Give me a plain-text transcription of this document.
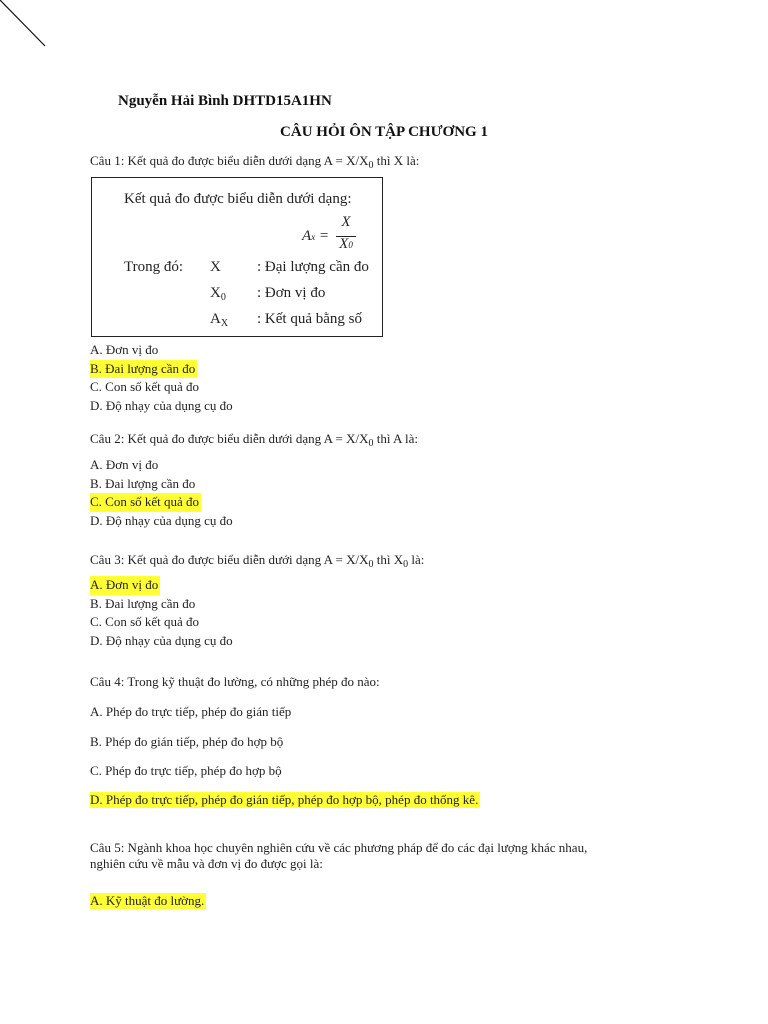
Nguyễn Hải Bình DHTD15A1HN
CÂU HỎI ÔN TẬP CHƯƠNG 1
Câu 1: Kết quả đo được biểu diễn dưới dạng $A = X/X_0$ thì X là:
Kết quả đo được biểu diễn dưới dạng:
Ax =
X
X0
Trong đó: X : Đại lượng cần đo
$X_0$ : Đơn vị đo
$A_X$ : Kết quả bằng số
A. Đơn vị đo
B. Đai lượng cần đo
C. Con số kết quả đo
D. Độ nhạy của dụng cụ đo
Câu 2: Kết quả đo được biểu diễn dưới dạng $A = X/X_0$ thì A là:
A. Đơn vị đo
B. Đai lượng cần đo
C. Con số kết quả đo
D. Độ nhạy của dụng cụ đo
Câu 3: Kết quả đo được biểu diễn dưới dạng $A = X/X_0$ thì $X_0$ là:
A. Đơn vị đo
B. Đai lượng cần đo
C. Con số kết quả đo
D. Độ nhạy của dụng cụ đo
Câu 4: Trong kỹ thuật đo lường, có những phép đo nào:
A. Phép đo trực tiếp, phép đo gián tiếp
B. Phép đo gián tiếp, phép đo hợp bộ
C. Phép đo trực tiếp, phép đo hợp bộ
D. Phép đo trực tiếp, phép đo gián tiếp, phép đo hợp bộ, phép đo thống kê.
Câu 5: Ngành khoa học chuyên nghiên cứu về các phương pháp để đo các đại lượng khác nhau,
nghiên cứu về mẫu và đơn vị đo được gọi là:
A. Kỹ thuật đo lường.
